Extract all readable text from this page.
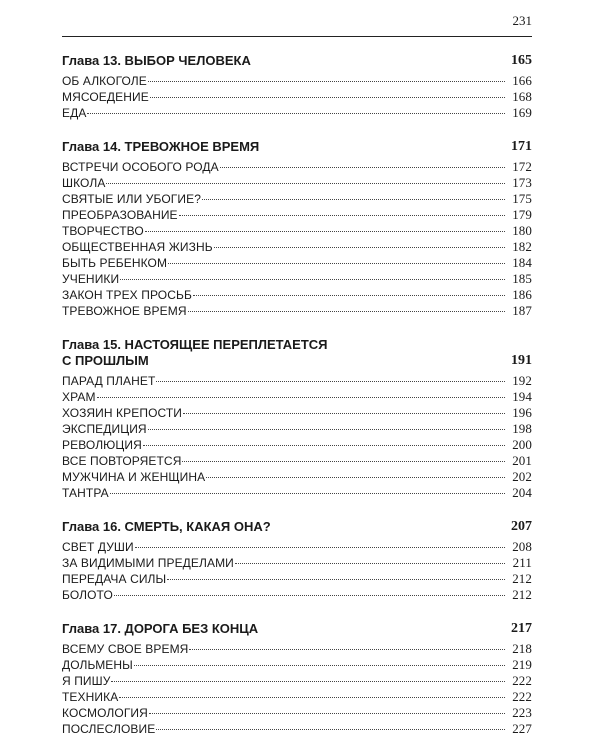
231
Глава 13. ВЫБОР ЧЕЛОВЕКА	165
ОБ АЛКОГОЛЕ	166
МЯСОЕДЕНИЕ	168
ЕДА	169
Глава 14. ТРЕВОЖНОЕ ВРЕМЯ	171
ВСТРЕЧИ ОСОБОГО РОДА	172
ШКОЛА	173
СВЯТЫЕ ИЛИ УБОГИЕ?	175
ПРЕОБРАЗОВАНИЕ	179
ТВОРЧЕСТВО	180
ОБЩЕСТВЕННАЯ ЖИЗНЬ	182
БЫТЬ РЕБЕНКОМ	184
УЧЕНИКИ	185
ЗАКОН ТРЕХ ПРОСЬБ	186
ТРЕВОЖНОЕ ВРЕМЯ	187
Глава 15. НАСТОЯЩЕЕ ПЕРЕПЛЕТАЕТСЯ
С ПРОШЛЫМ	191
ПАРАД ПЛАНЕТ	192
ХРАМ	194
ХОЗЯИН КРЕПОСТИ	196
ЭКСПЕДИЦИЯ	198
РЕВОЛЮЦИЯ	200
ВСЕ ПОВТОРЯЕТСЯ	201
МУЖЧИНА И ЖЕНЩИНА	202
ТАНТРА	204
Глава 16. СМЕРТЬ, КАКАЯ ОНА?	207
СВЕТ ДУШИ	208
ЗА ВИДИМЫМИ ПРЕДЕЛАМИ	211
ПЕРЕДАЧА СИЛЫ	212
БОЛОТО	212
Глава 17. ДОРОГА БЕЗ КОНЦА	217
ВСЕМУ СВОЕ ВРЕМЯ	218
ДОЛЬМЕНЫ	219
Я ПИШУ	222
ТЕХНИКА	222
КОСМОЛОГИЯ	223
ПОСЛЕСЛОВИЕ	227
